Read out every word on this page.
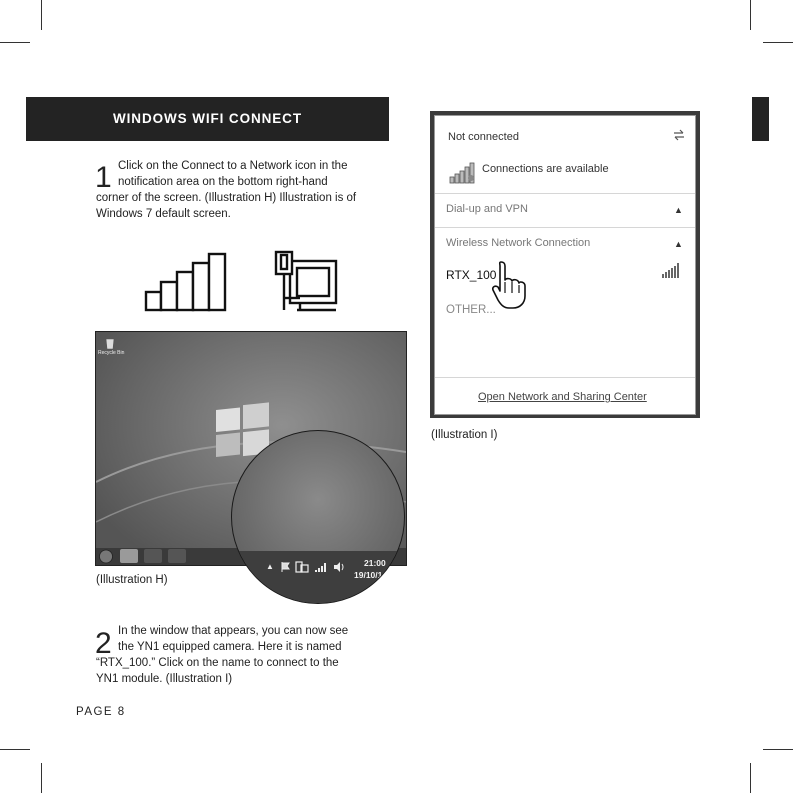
WINDOWS WIFI CONNECT
1 Click on the Connect to a Network icon in the
notification area on the bottom right-hand
corner of the screen. (Illustration H) Illustration is of
Windows 7 default screen.
Recycle Bin
▲	21:00
19/10/1
(Illustration H)
2 In the window that appears, you can now see
the YN1 equipped camera. Here it is named
“RTX_100.” Click on the name to connect to the
YN1 module. (Illustration I)
PAGE 8
Not connected
Connections are available
Dial-up and VPN	▲
Wireless Network Connection	▲
RTX_100
OTHER...
Open Network and Sharing Center
(Illustration I)
